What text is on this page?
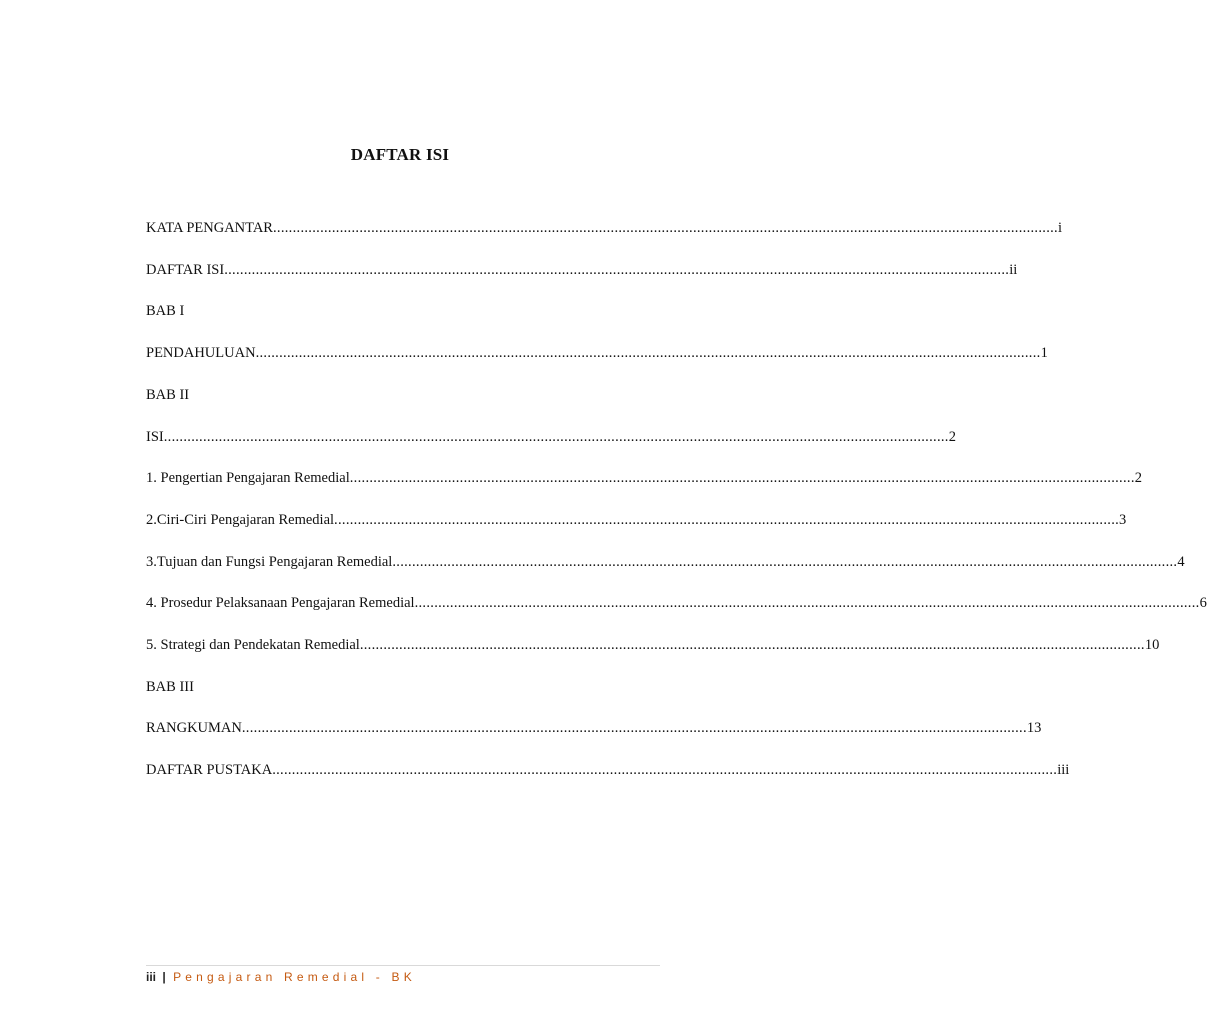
DAFTAR ISI
KATA PENGANTAR ........................................................................................................................................................................................................ i
DAFTAR ISI ........................................................................................................................................................................................................ ii
BAB I
PENDAHULUAN ........................................................................................................................................................................................................ 1
BAB II
ISI ........................................................................................................................................................................................................ 2
1. Pengertian Pengajaran Remedial ........................................................................................................................................................................................................ 2
2.Ciri-Ciri Pengajaran Remedial ........................................................................................................................................................................................................ 3
3.Tujuan dan Fungsi Pengajaran Remedial ........................................................................................................................................................................................................ 4
4. Prosedur Pelaksanaan Pengajaran Remedial ........................................................................................................................................................................................................ 6
5. Strategi dan Pendekatan Remedial ........................................................................................................................................................................................................ 10
BAB III
RANGKUMAN ........................................................................................................................................................................................................ 13
DAFTAR PUSTAKA ........................................................................................................................................................................................................ iii
iii | Pengajaran Remedial - BK
